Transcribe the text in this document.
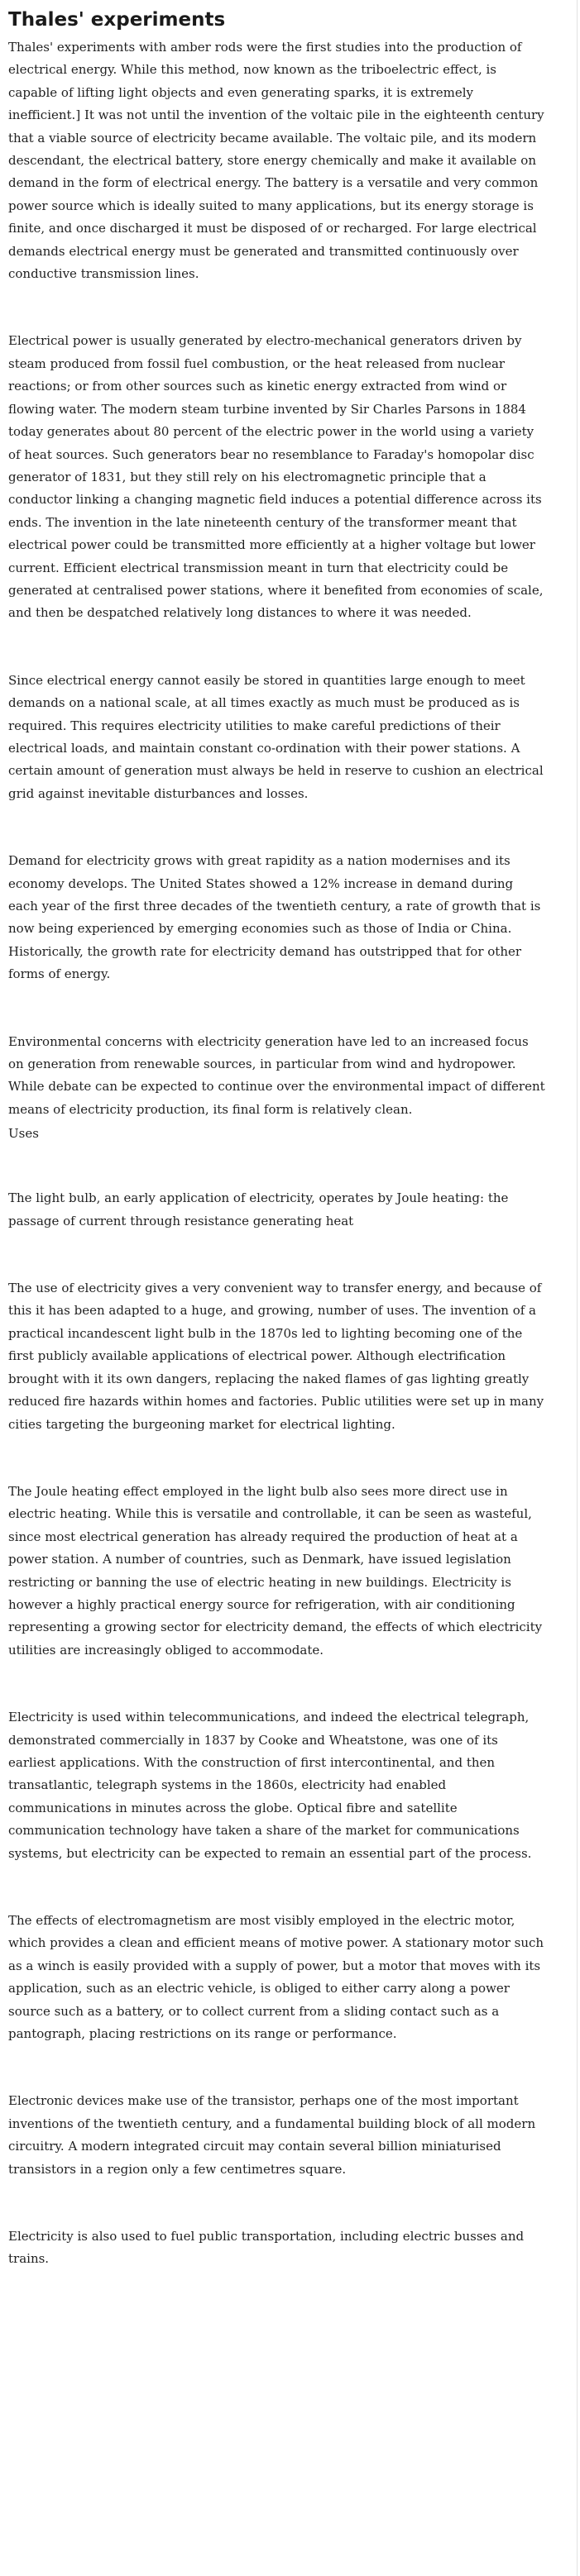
Thales' experiments

Thales' experiments with amber rods were the first studies into the production of electrical energy. While this method, now known as the triboelectric effect, is capable of lifting light objects and even generating sparks, it is extremely inefficient.] It was not until the invention of the voltaic pile in the eighteenth century that a viable source of electricity became available. The voltaic pile, and its modern descendant, the electrical battery, store energy chemically and make it available on demand in the form of electrical energy. The battery is a versatile and very common power source which is ideally suited to many applications, but its energy storage is finite, and once discharged it must be disposed of or recharged. For large electrical demands electrical energy must be generated and transmitted continuously over conductive transmission lines.

Electrical power is usually generated by electro-mechanical generators driven by steam produced from fossil fuel combustion, or the heat released from nuclear reactions; or from other sources such as kinetic energy extracted from wind or flowing water. The modern steam turbine invented by Sir Charles Parsons in 1884 today generates about 80 percent of the electric power in the world using a variety of heat sources. Such generators bear no resemblance to Faraday's homopolar disc generator of 1831, but they still rely on his electromagnetic principle that a conductor linking a changing magnetic field induces a potential difference across its ends. The invention in the late nineteenth century of the transformer meant that electrical power could be transmitted more efficiently at a higher voltage but lower current. Efficient electrical transmission meant in turn that electricity could be generated at centralised power stations, where it benefited from economies of scale, and then be despatched relatively long distances to where it was needed.

Since electrical energy cannot easily be stored in quantities large enough to meet demands on a national scale, at all times exactly as much must be produced as is required. This requires electricity utilities to make careful predictions of their electrical loads, and maintain constant co-ordination with their power stations. A certain amount of generation must always be held in reserve to cushion an electrical grid against inevitable disturbances and losses.

Demand for electricity grows with great rapidity as a nation modernises and its economy develops. The United States showed a 12% increase in demand during each year of the first three decades of the twentieth century, a rate of growth that is now being experienced by emerging economies such as those of India or China. Historically, the growth rate for electricity demand has outstripped that for other forms of energy.

Environmental concerns with electricity generation have led to an increased focus on generation from renewable sources, in particular from wind and hydropower. While debate can be expected to continue over the environmental impact of different means of electricity production, its final form is relatively clean.

Uses

The light bulb, an early application of electricity, operates by Joule heating: the passage of current through resistance generating heat

The use of electricity gives a very convenient way to transfer energy, and because of this it has been adapted to a huge, and growing, number of uses. The invention of a practical incandescent light bulb in the 1870s led to lighting becoming one of the first publicly available applications of electrical power. Although electrification brought with it its own dangers, replacing the naked flames of gas lighting greatly reduced fire hazards within homes and factories. Public utilities were set up in many cities targeting the burgeoning market for electrical lighting.

The Joule heating effect employed in the light bulb also sees more direct use in electric heating. While this is versatile and controllable, it can be seen as wasteful, since most electrical generation has already required the production of heat at a power station. A number of countries, such as Denmark, have issued legislation restricting or banning the use of electric heating in new buildings. Electricity is however a highly practical energy source for refrigeration, with air conditioning representing a growing sector for electricity demand, the effects of which electricity utilities are increasingly obliged to accommodate.

Electricity is used within telecommunications, and indeed the electrical telegraph, demonstrated commercially in 1837 by Cooke and Wheatstone, was one of its earliest applications. With the construction of first intercontinental, and then transatlantic, telegraph systems in the 1860s, electricity had enabled communications in minutes across the globe. Optical fibre and satellite communication technology have taken a share of the market for communications systems, but electricity can be expected to remain an essential part of the process.

The effects of electromagnetism are most visibly employed in the electric motor, which provides a clean and efficient means of motive power. A stationary motor such as a winch is easily provided with a supply of power, but a motor that moves with its application, such as an electric vehicle, is obliged to either carry along a power source such as a battery, or to collect current from a sliding contact such as a pantograph, placing restrictions on its range or performance.

Electronic devices make use of the transistor, perhaps one of the most important inventions of the twentieth century, and a fundamental building block of all modern circuitry. A modern integrated circuit may contain several billion miniaturised transistors in a region only a few centimetres square.

Electricity is also used to fuel public transportation, including electric busses and trains.
